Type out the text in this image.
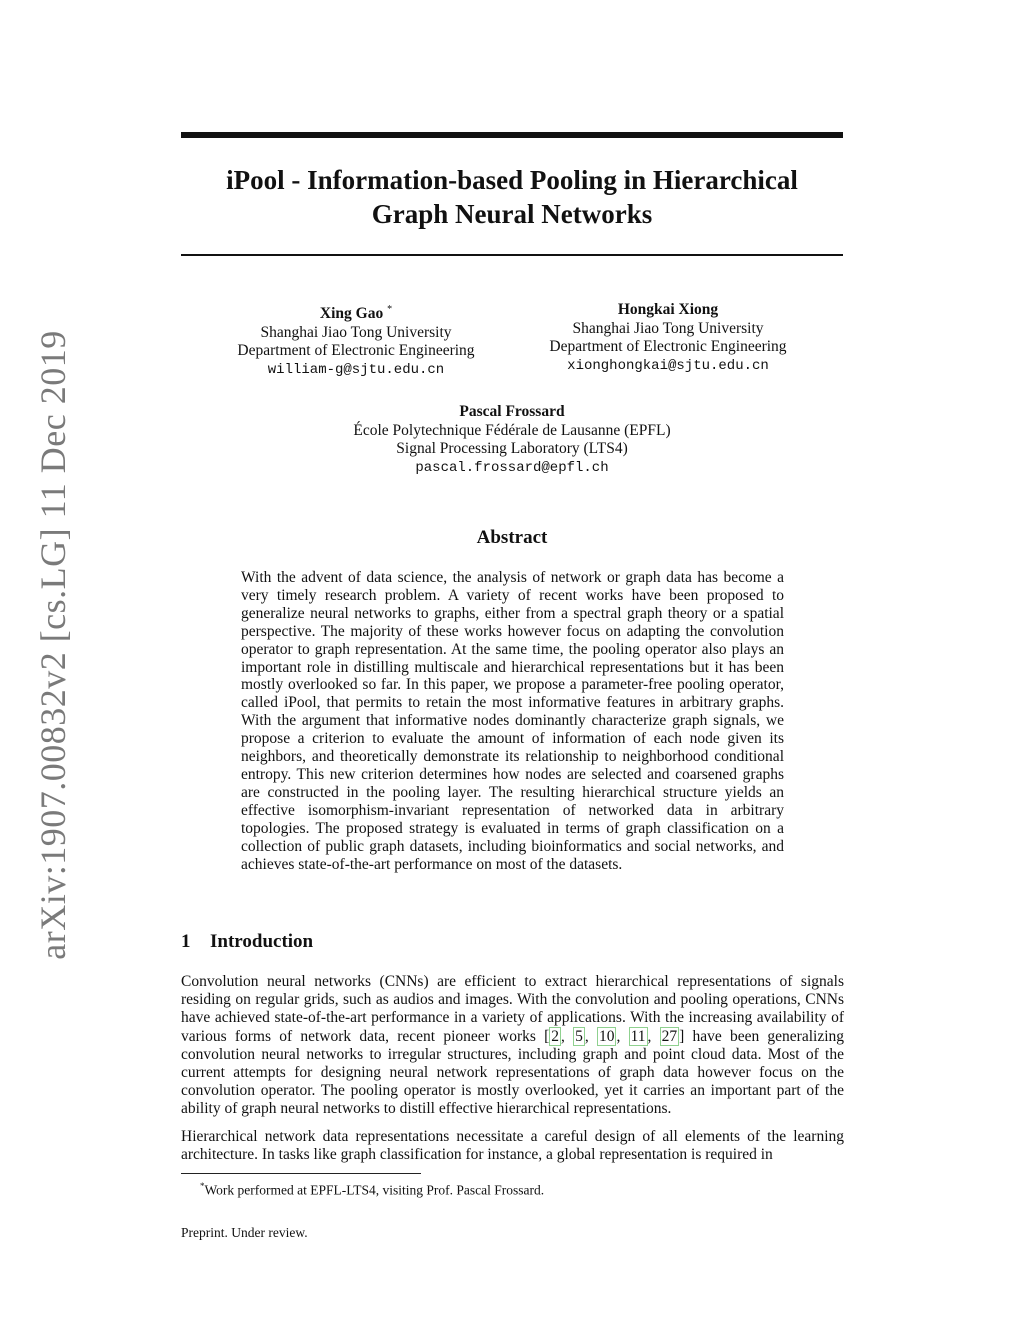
arXiv:1907.00832v2 [cs.LG] 11 Dec 2019
iPool - Information-based Pooling in Hierarchical
Graph Neural Networks
Xing Gao *
Shanghai Jiao Tong University
Department of Electronic Engineering
william-g@sjtu.edu.cn
Hongkai Xiong
Shanghai Jiao Tong University
Department of Electronic Engineering
xionghongkai@sjtu.edu.cn
Pascal Frossard
École Polytechnique Fédérale de Lausanne (EPFL)
Signal Processing Laboratory (LTS4)
pascal.frossard@epfl.ch
Abstract
With the advent of data science, the analysis of network or graph data has become a very timely research problem. A variety of recent works have been proposed to generalize neural networks to graphs, either from a spectral graph theory or a spatial perspective. The majority of these works however focus on adapting the convolution operator to graph representation. At the same time, the pooling operator also plays an important role in distilling multiscale and hierarchical representations but it has been mostly overlooked so far. In this paper, we propose a parameter-free pooling operator, called iPool, that permits to retain the most informative features in arbitrary graphs. With the argument that informative nodes dominantly characterize graph signals, we propose a criterion to evaluate the amount of information of each node given its neighbors, and theoretically demonstrate its relationship to neighborhood conditional entropy. This new criterion determines how nodes are selected and coarsened graphs are constructed in the pooling layer. The resulting hierarchical structure yields an effective isomorphism-invariant representation of networked data in arbitrary topologies. The proposed strategy is evaluated in terms of graph classification on a collection of public graph datasets, including bioinformatics and social networks, and achieves state-of-the-art performance on most of the datasets.
1 Introduction
Convolution neural networks (CNNs) are efficient to extract hierarchical representations of signals residing on regular grids, such as audios and images. With the convolution and pooling operations, CNNs have achieved state-of-the-art performance in a variety of applications. With the increasing availability of various forms of network data, recent pioneer works [ 2 , 5 , 10 , 11 , 27 ] have been generalizing convolution neural networks to irregular structures, including graph and point cloud data. Most of the current attempts for designing neural network representations of graph data however focus on the convolution operator. The pooling operator is mostly overlooked, yet it carries an important part of the ability of graph neural networks to distill effective hierarchical representations.
Hierarchical network data representations necessitate a careful design of all elements of the learning architecture. In tasks like graph classification for instance, a global representation is required in
*Work performed at EPFL-LTS4, visiting Prof. Pascal Frossard.
Preprint. Under review.
